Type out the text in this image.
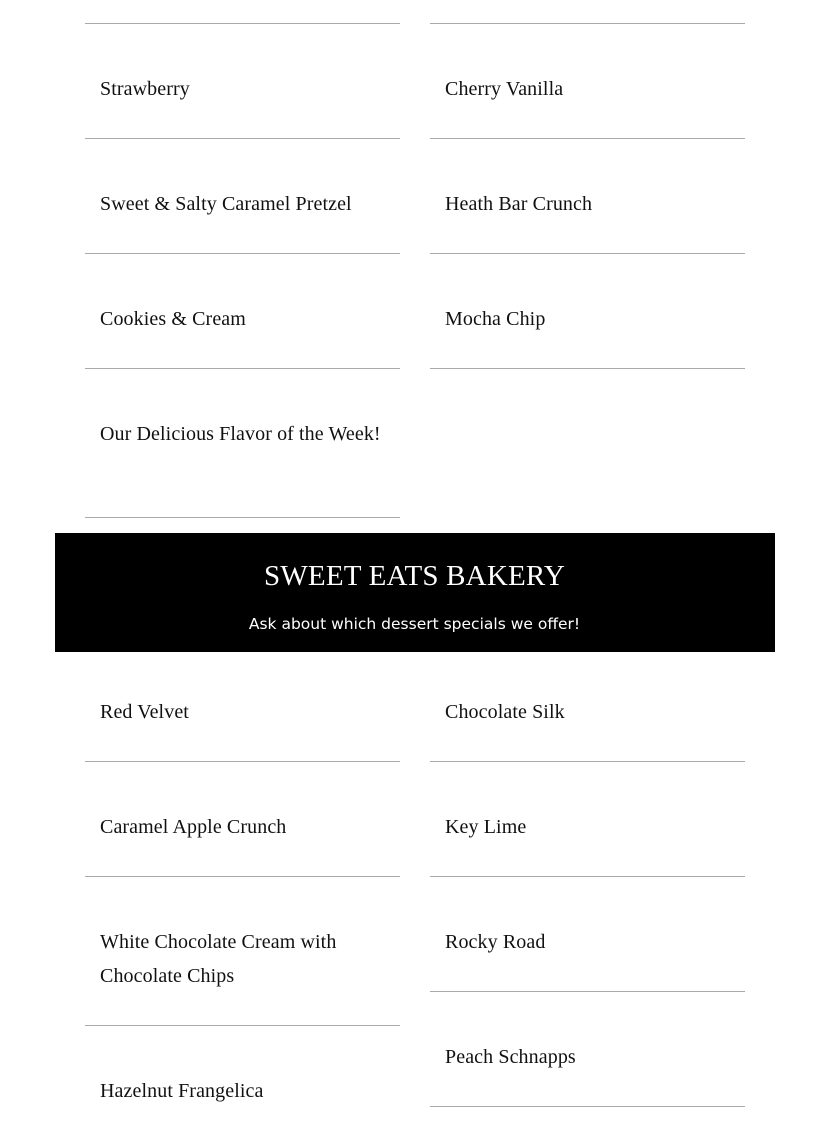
Strawberry
Sweet & Salty Caramel Pretzel
Cookies & Cream
Our Delicious Flavor of the Week!
Cherry Vanilla
Heath Bar Crunch
Mocha Chip
SWEET EATS BAKERY
Ask about which dessert specials we offer!
Red Velvet
Caramel Apple Crunch
White Chocolate Cream with Chocolate Chips
Hazelnut Frangelica
Chocolate Silk
Key Lime
Rocky Road
Peach Schnapps
